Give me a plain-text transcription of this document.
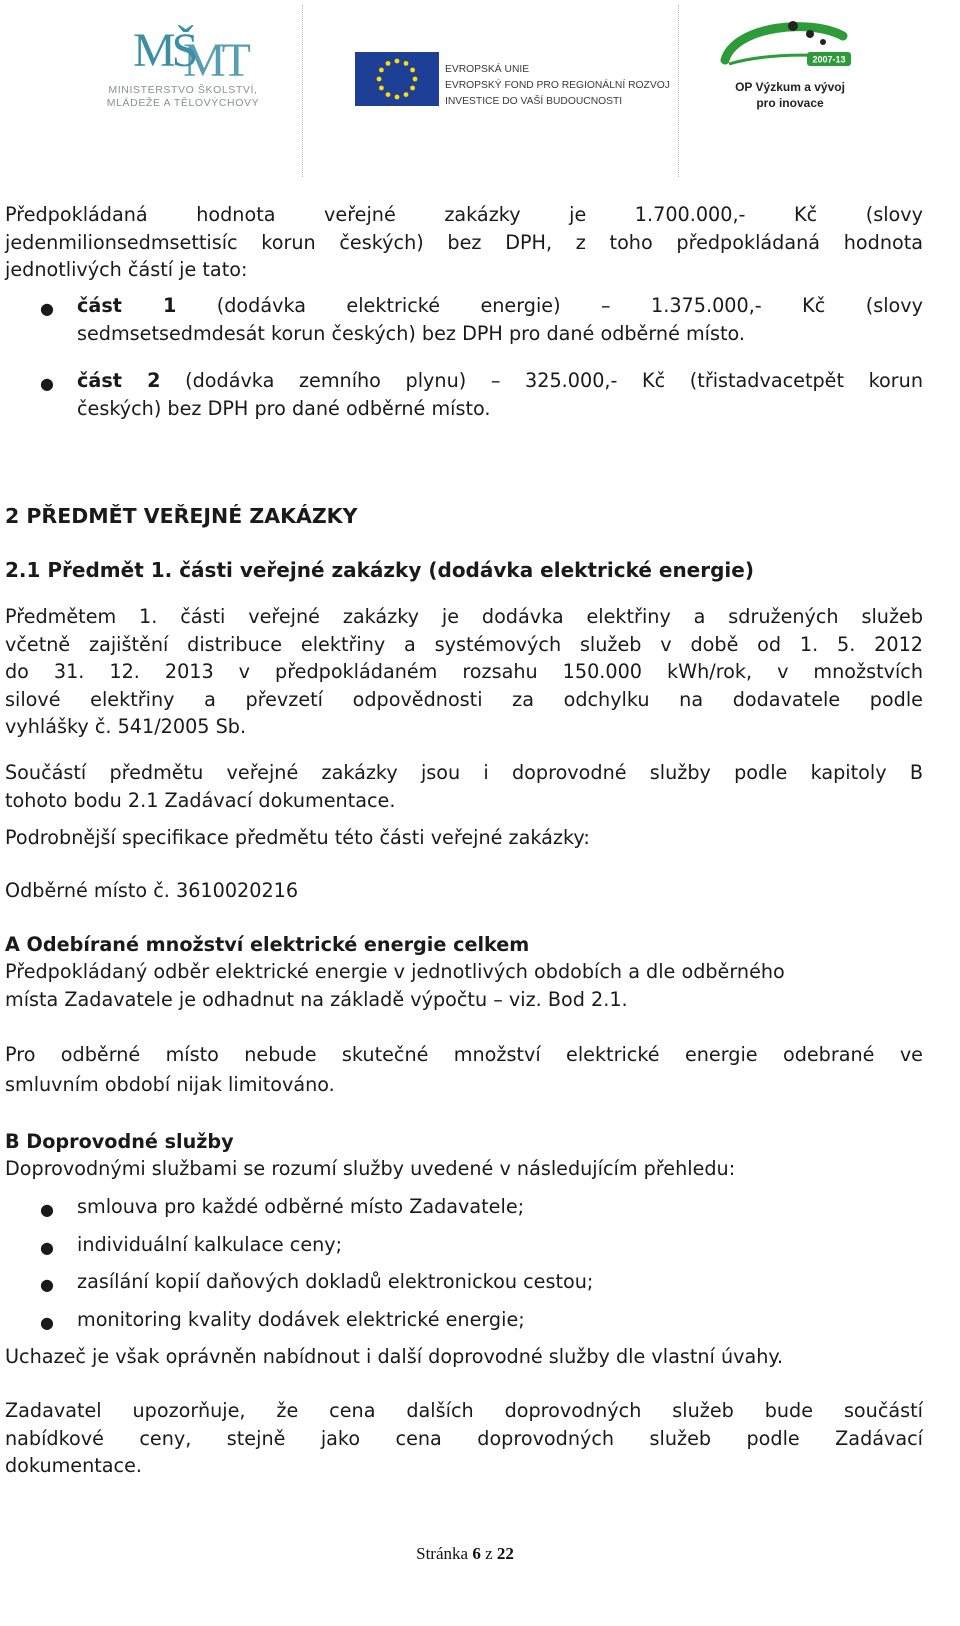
MŠ
MT
MINISTERSTVO ŠKOLSTVÍ,
MLÁDEŽE A TĚLOVÝCHOVY
EVROPSKÁ UNIE
EVROPSKÝ FOND PRO REGIONÁLNÍ ROZVOJ
INVESTICE DO VAŠÍ BUDOUCNOSTI
2007-13
OP Výzkum a vývoj
pro inovace
Předpokládaná hodnota veřejné zakázky je 1.700.000,- Kč (slovy
jedenmilionsedmsettisíc korun českých) bez DPH, z toho předpokládaná hodnota
jednotlivých částí je tato:
● část 1 (dodávka elektrické energie) – 1.375.000,- Kč (slovy
sedmsetsedmdesát korun českých) bez DPH pro dané odběrné místo.
● část 2 (dodávka zemního plynu) – 325.000,- Kč (třistadvacetpět korun
českých) bez DPH pro dané odběrné místo.
2 PŘEDMĚT VEŘEJNÉ ZAKÁZKY
2.1 Předmět 1. části veřejné zakázky (dodávka elektrické energie)
Předmětem 1. části veřejné zakázky je dodávka elektřiny a sdružených služeb
včetně zajištění distribuce elektřiny a systémových služeb v době od 1. 5. 2012
do 31. 12. 2013 v předpokládaném rozsahu 150.000 kWh/rok, v množstvích
silové elektřiny a převzetí odpovědnosti za odchylku na dodavatele podle
vyhlášky č. 541/2005 Sb.
Součástí předmětu veřejné zakázky jsou i doprovodné služby podle kapitoly B
tohoto bodu 2.1 Zadávací dokumentace.
Podrobnější specifikace předmětu této části veřejné zakázky:
Odběrné místo č. 3610020216
A Odebírané množství elektrické energie celkem
Předpokládaný odběr elektrické energie v jednotlivých obdobích a dle odběrného
místa Zadavatele je odhadnut na základě výpočtu – viz. Bod 2.1.
Pro odběrné místo nebude skutečné množství elektrické energie odebrané ve
smluvním období nijak limitováno.
B Doprovodné služby
Doprovodnými službami se rozumí služby uvedené v následujícím přehledu:
● smlouva pro každé odběrné místo Zadavatele;
● individuální kalkulace ceny;
● zasílání kopií daňových dokladů elektronickou cestou;
● monitoring kvality dodávek elektrické energie;
Uchazeč je však oprávněn nabídnout i další doprovodné služby dle vlastní úvahy.
Zadavatel upozorňuje, že cena dalších doprovodných služeb bude součástí
nabídkové ceny, stejně jako cena doprovodných služeb podle Zadávací
dokumentace.
Stránka 6 z 22
